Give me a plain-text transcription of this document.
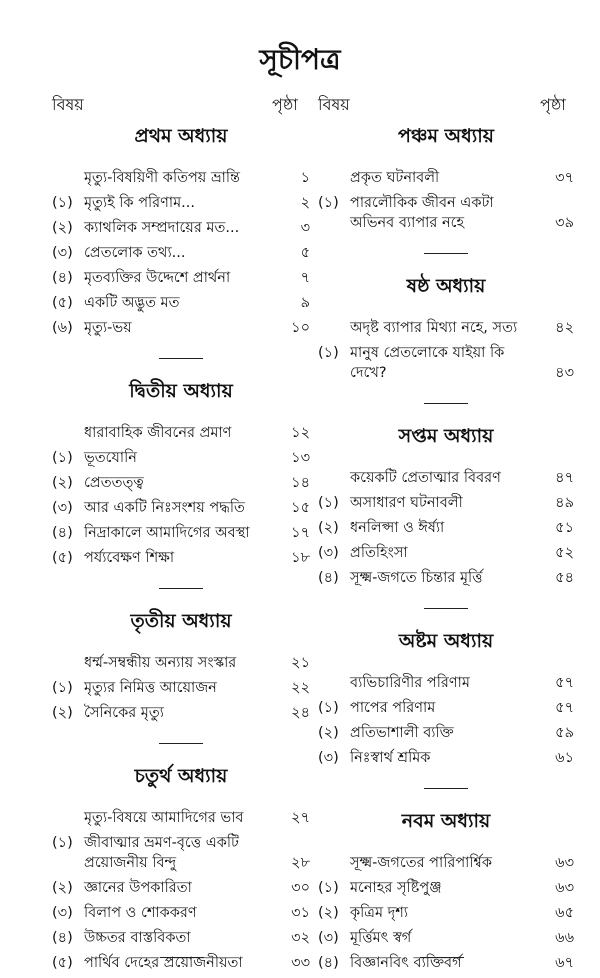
সূচীপত্র
বিষয়	পৃষ্ঠা বিষয়	পৃষ্ঠা
প্রথম অধ্যায়
মৃত্যু-বিষয়িণী কতিপয় ভ্রান্তি	১
(১) মৃত্যুই কি পরিণাম...	২
(২) ক্যাথলিক সম্প্রদায়ের মত...	৩
(৩) প্রেতলোক তথ্য...	৫
(৪) মৃতব্যক্তির উদ্দেশে প্রার্থনা	৭
(৫) একটি অদ্ভুত মত	৯
(৬) মৃত্যু-ভয়	১০
দ্বিতীয় অধ্যায়
ধারাবাহিক জীবনের প্রমাণ	১২
(১) ভূতযোনি	১৩
(২) প্রেততত্ত্ব	১৪
(৩) আর একটি নিঃসংশয় পদ্ধতি	১৫
(৪) নিদ্রাকালে আমাদিগের অবস্থা	১৭
(৫) পর্য্যবেক্ষণ শিক্ষা	১৮
তৃতীয় অধ্যায়
ধর্ম্ম-সম্বন্ধীয় অন্যায় সংস্কার	২১
(১) মৃত্যুর নিমিত্ত আয়োজন	২২
(২) সৈনিকের মৃত্যু	২৪
চতুর্থ অধ্যায়
মৃত্যু-বিষয়ে আমাদিগের ভাব	২৭
(১) জীবাত্মার ভ্রমণ-বৃত্তে একটি প্রয়োজনীয় বিন্দু	২৮
(২) জ্ঞানের উপকারিতা	৩০
(৩) বিলাপ ও শোককরণ	৩১
(৪) উচ্চতর বাস্তবিকতা	৩২
(৫) পার্থিব দেহের প্রয়োজনীয়তা	৩৩
পঞ্চম অধ্যায়
প্রকৃত ঘটনাবলী	৩৭
(১) পারলৌকিক জীবন একটা অভিনব ব্যাপার নহে	৩৯
ষষ্ঠ অধ্যায়
অদৃষ্ট ব্যাপার মিথ্যা নহে, সত্য	৪২
(১) মানুষ প্রেতলোকে যাইয়া কি দেখে?	৪৩
সপ্তম অধ্যায়
কয়েকটি প্রেতাত্মার বিবরণ	৪৭
(১) অসাধারণ ঘটনাবলী	৪৯
(২) ধনলিপ্সা ও ঈর্ষ্যা	৫১
(৩) প্রতিহিংসা	৫২
(৪) সূক্ষ্ম-জগতে চিন্তার মূর্ত্তি	৫৪
অষ্টম অধ্যায়
ব্যভিচারিণীর পরিণাম	৫৭
(১) পাপের পরিণাম	৫৭
(২) প্রতিভাশালী ব্যক্তি	৫৯
(৩) নিঃস্বার্থ শ্রমিক	৬১
নবম অধ্যায়
সূক্ষ্ম-জগতের পারিপার্শ্বিক	৬৩
(১) মনোহর সৃষ্টিপুঞ্জ	৬৩
(২) কৃত্রিম দৃশ্য	৬৫
(৩) মূর্ত্তিমৎ স্বর্গ	৬৬
(৪) বিজ্ঞানবিৎ ব্যক্তিবর্গ	৬৭
